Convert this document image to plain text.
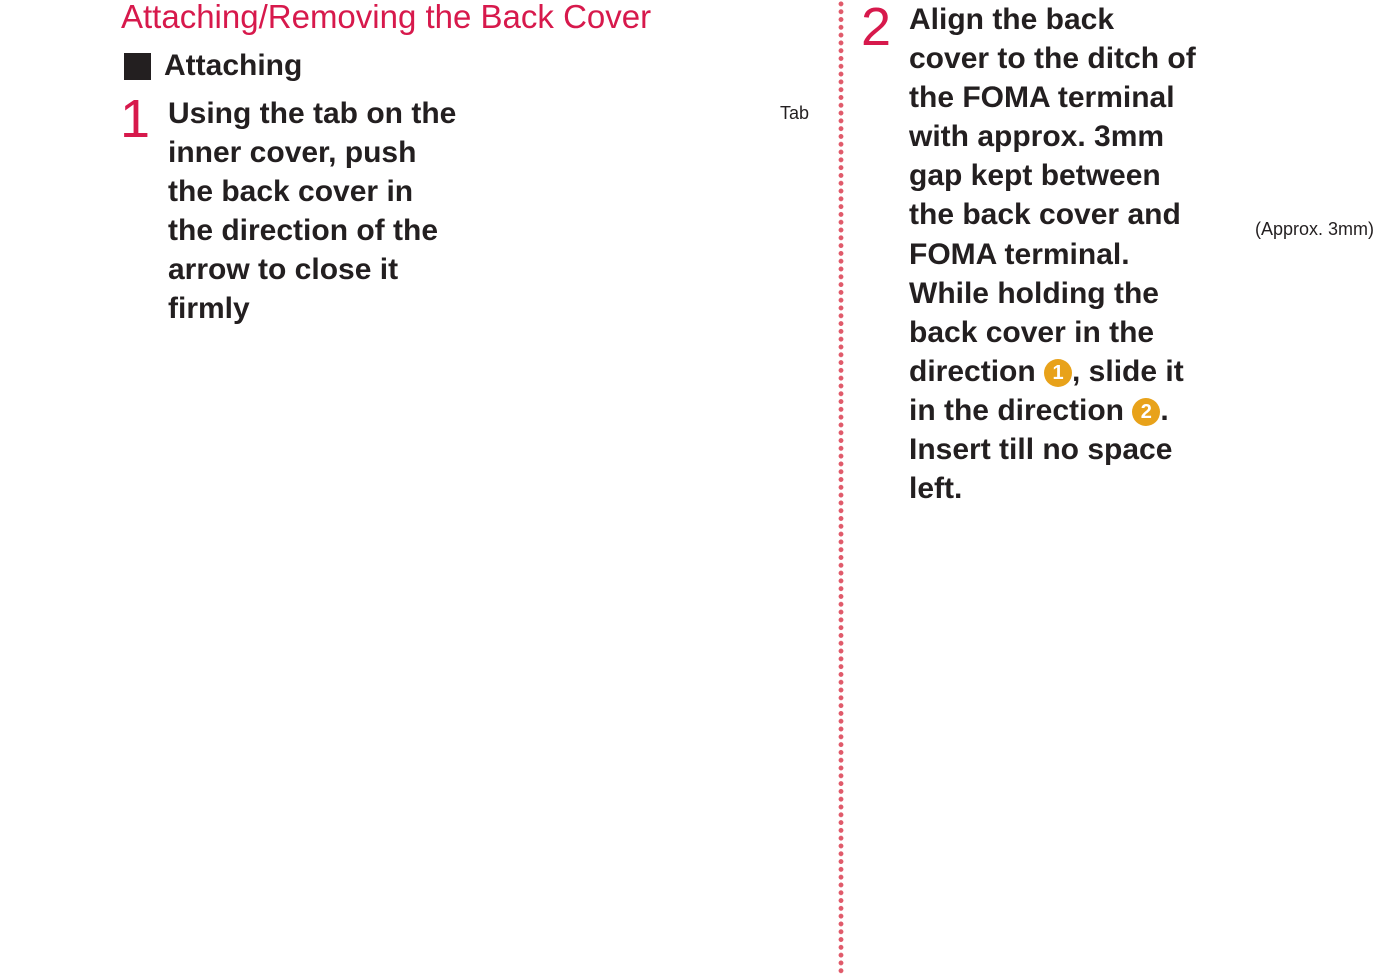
Attaching/Removing the Back Cover
Attaching
1 Using the tab on the
inner cover, push
the back cover in
the direction of the
arrow to close it
firmly
Tab
2 Align the back
cover to the ditch of
the FOMA terminal
with approx. 3mm
gap kept between
the back cover and
FOMA terminal.
While holding the
back cover in the
direction 1 , slide it
in the direction 2 .
Insert till no space
left.
(Approx. 3mm)
